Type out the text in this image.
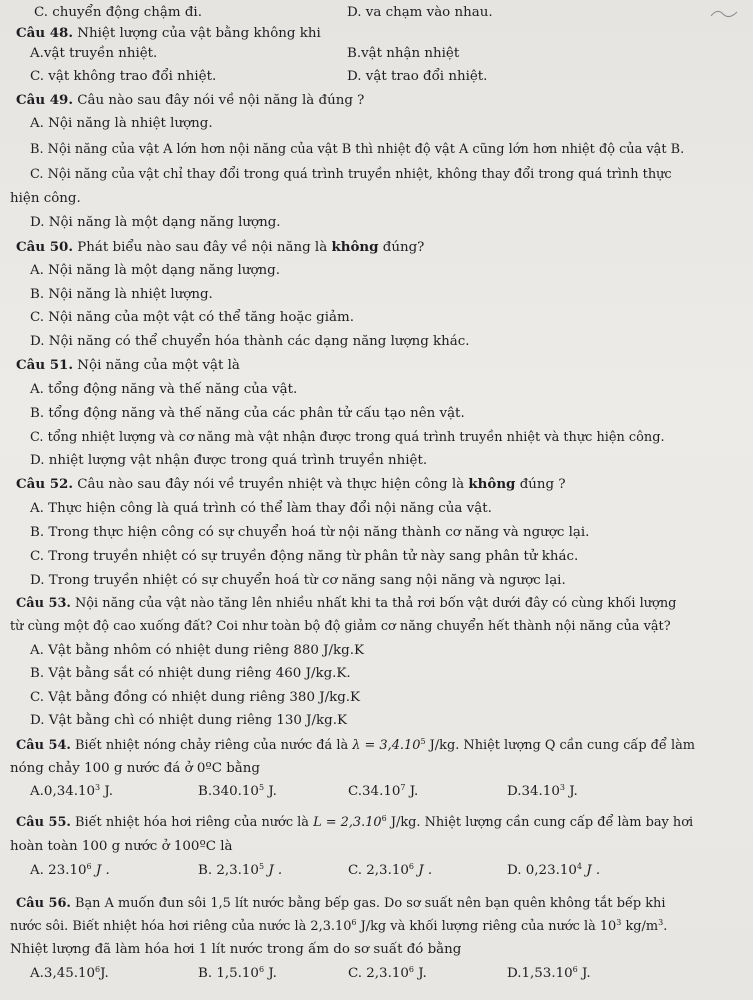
C. chuyển động chậm đi.	D. va chạm vào nhau.
Câu 48. Nhiệt lượng của vật bằng không khi
A.vật truyền nhiệt.	B.vật nhận nhiệt
C. vật không trao đổi nhiệt.	D. vật trao đổi nhiệt.
Câu 49. Câu nào sau đây nói về nội năng là đúng ?
A. Nội năng là nhiệt lượng.
B. Nội năng của vật A lớn hơn nội năng của vật B thì nhiệt độ vật A cũng lớn hơn nhiệt độ của vật B.
C. Nội năng của vật chỉ thay đổi trong quá trình truyền nhiệt, không thay đổi trong quá trình thực
hiện công.
D. Nội năng là một dạng năng lượng.
Câu 50. Phát biểu nào sau đây về nội năng là không đúng?
A. Nội năng là một dạng năng lượng.
B. Nội năng là nhiệt lượng.
C. Nội năng của một vật có thể tăng hoặc giảm.
D. Nội năng có thể chuyển hóa thành các dạng năng lượng khác.
Câu 51. Nội năng của một vật là
A. tổng động năng và thế năng của vật.
B. tổng động năng và thế năng của các phân tử cấu tạo nên vật.
C. tổng nhiệt lượng và cơ năng mà vật nhận được trong quá trình truyền nhiệt và thực hiện công.
D. nhiệt lượng vật nhận được trong quá trình truyền nhiệt.
Câu 52. Câu nào sau đây nói về truyền nhiệt và thực hiện công là không đúng ?
A. Thực hiện công là quá trình có thể làm thay đổi nội năng của vật.
B. Trong thực hiện công có sự chuyển hoá từ nội năng thành cơ năng và ngược lại.
C. Trong truyền nhiệt có sự truyền động năng từ phân tử này sang phân tử khác.
D. Trong truyền nhiệt có sự chuyển hoá từ cơ năng sang nội năng và ngược lại.
Câu 53. Nội năng của vật nào tăng lên nhiều nhất khi ta thả rơi bốn vật dưới đây có cùng khối lượng
từ cùng một độ cao xuống đất? Coi như toàn bộ độ giảm cơ năng chuyển hết thành nội năng của vật?
A. Vật bằng nhôm có nhiệt dung riêng 880 J/kg.K
B. Vật bằng sắt có nhiệt dung riêng 460 J/kg.K.
C. Vật bằng đồng có nhiệt dung riêng 380 J/kg.K
D. Vật bằng chì có nhiệt dung riêng 130 J/kg.K
Câu 54. Biết nhiệt nóng chảy riêng của nước đá là $\lambda = 3,4.10^5$ J/kg. Nhiệt lượng Q cần cung cấp để làm
nóng chảy 100 g nước đá ở 0ºC bằng
A.0,34.10$^3$ J.	B.340.10$^5$ J.	C.34.10$^7$ J.	D.34.10$^3$ J.
Câu 55. Biết nhiệt hóa hơi riêng của nước là $L = 2,3.10^6$ J/kg. Nhiệt lượng cần cung cấp để làm bay hơi
hoàn toàn 100 g nước ở 100ºC là
A. 23.10$^6$ J .	B. 2,3.10$^5$ J .	C. 2,3.10$^6$ J .	D. 0,23.10$^4$ J .
Câu 56. Bạn A muốn đun sôi 1,5 lít nước bằng bếp gas. Do sơ suất nên bạn quên không tắt bếp khi
nước sôi. Biết nhiệt hóa hơi riêng của nước là 2,3.10$^6$ J/kg và khối lượng riêng của nước là $10^3$ $kg/m^3$.
Nhiệt lượng đã làm hóa hơi 1 lít nước trong ấm do sơ suất đó bằng
A.3,45.10$^6$J.	B. 1,5.10$^6$ J.	C. 2,3.10$^6$ J.	D.1,53.10$^6$ J.
